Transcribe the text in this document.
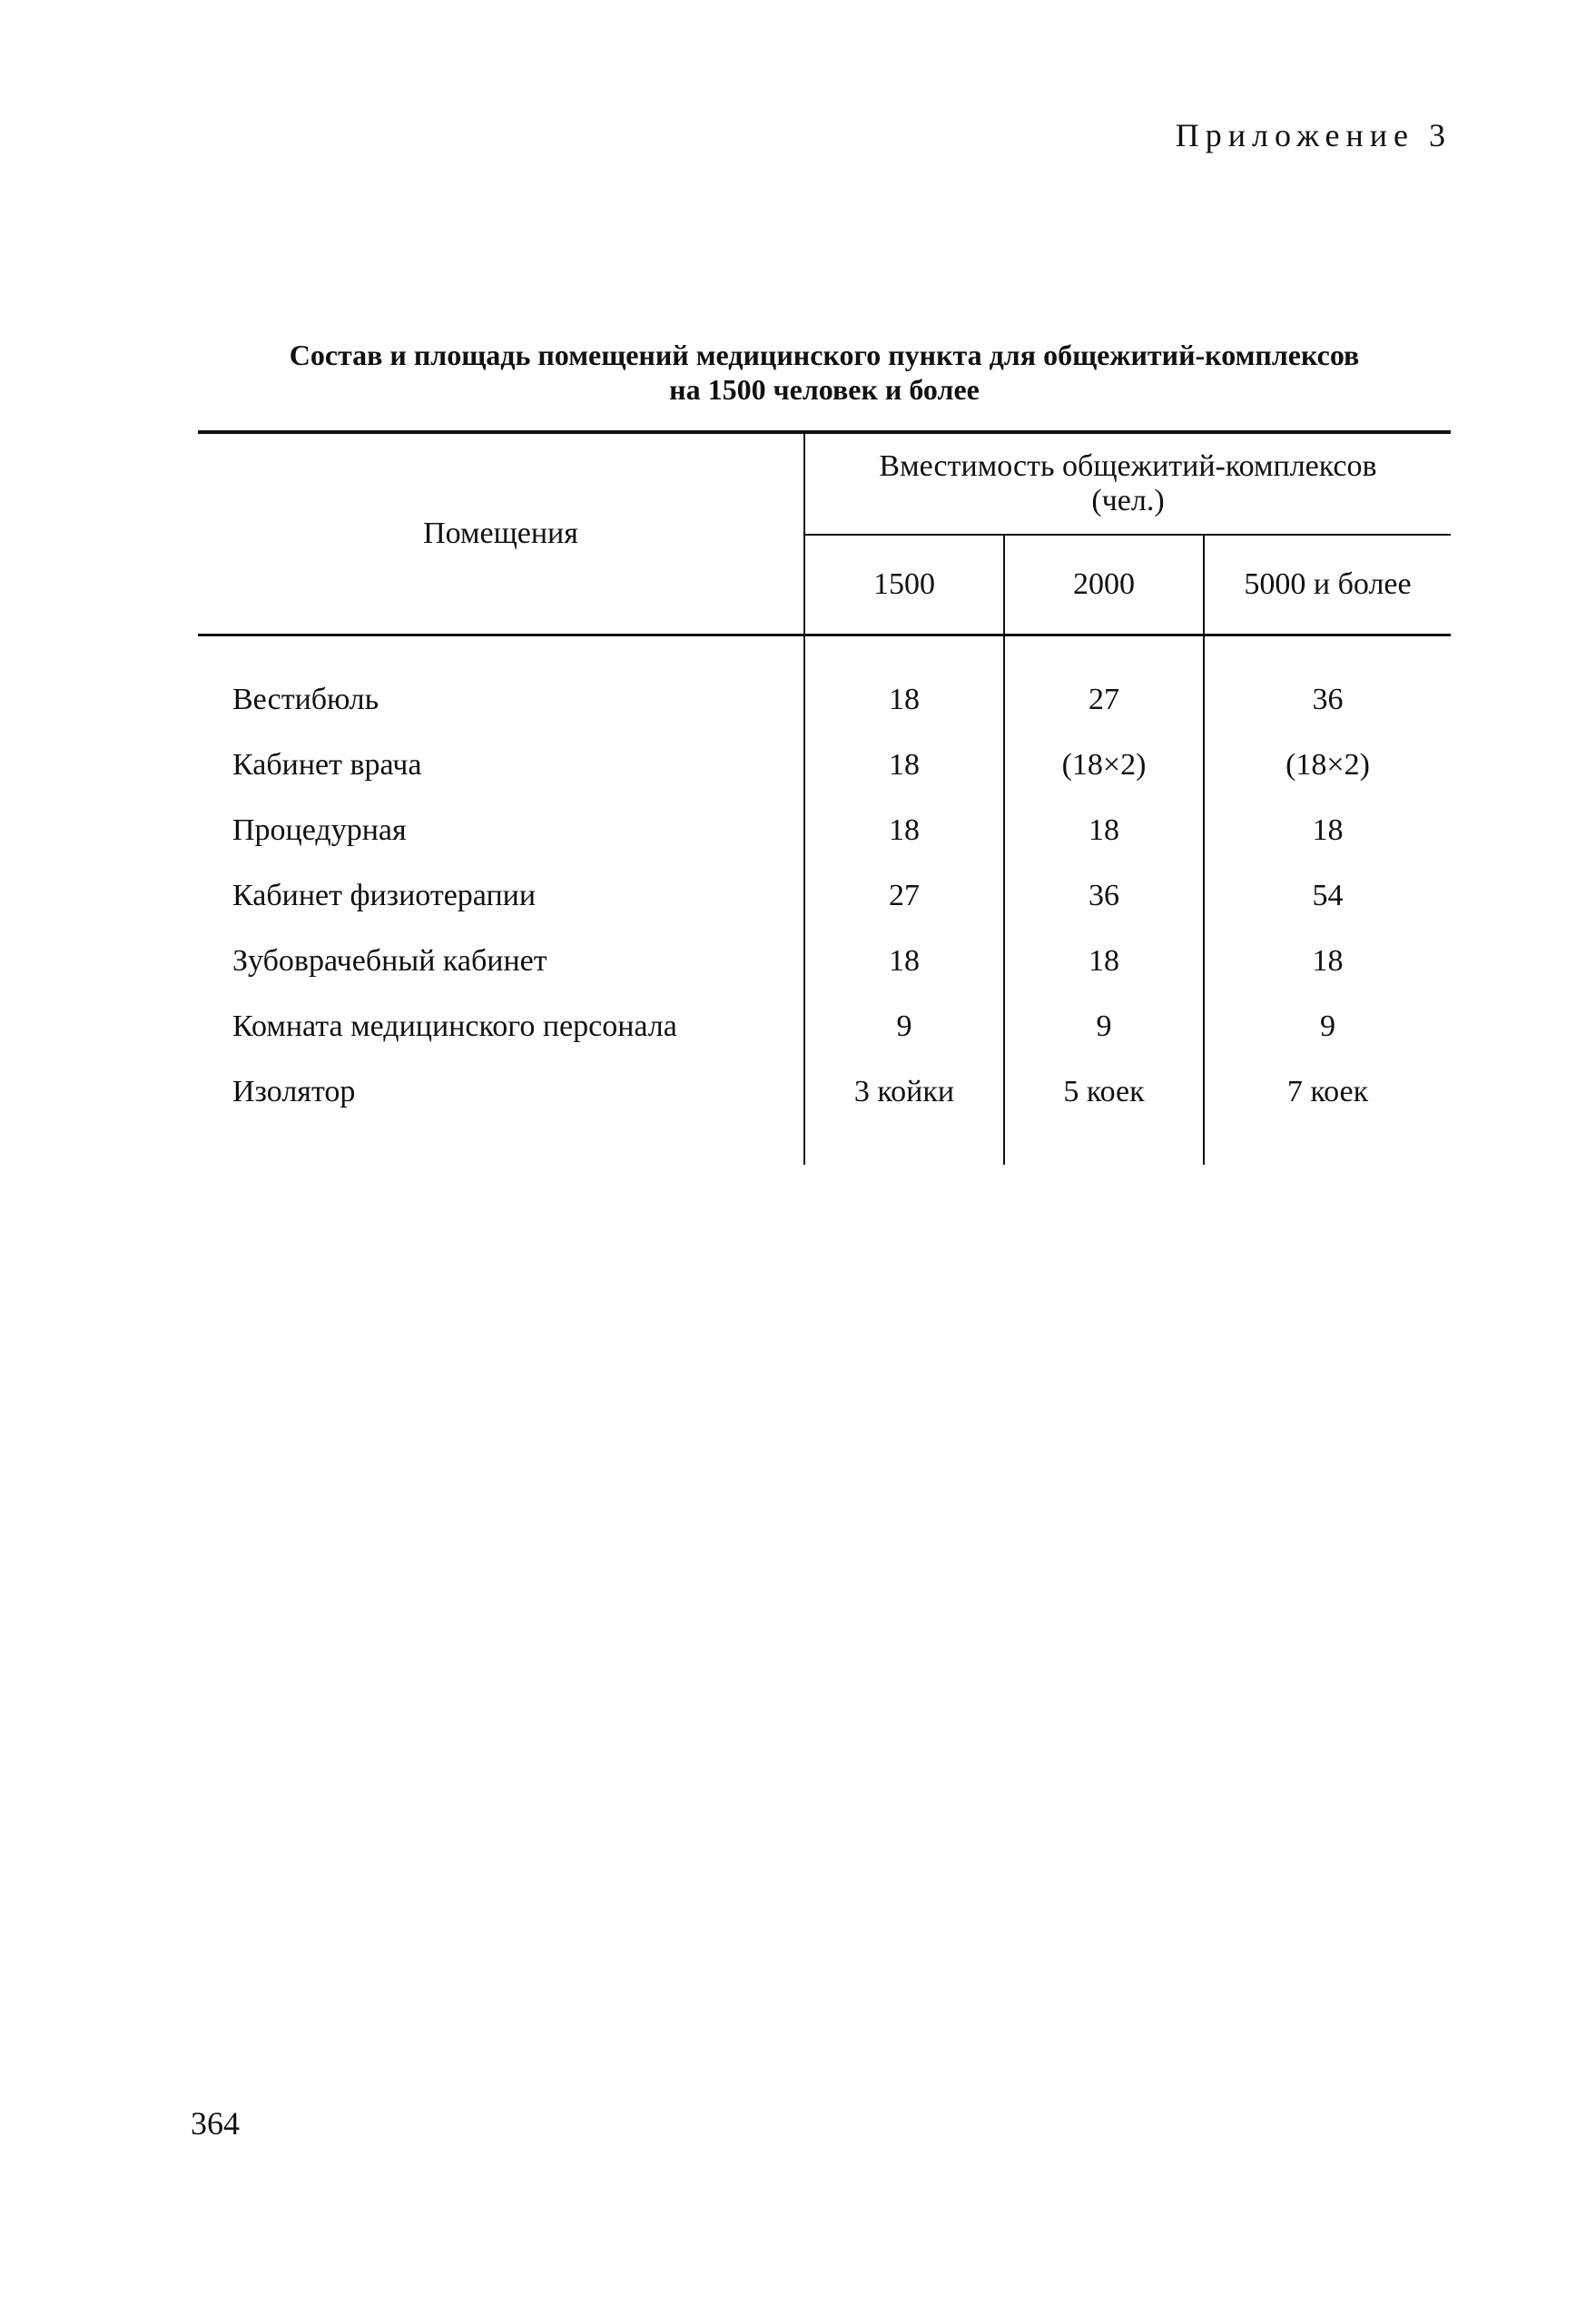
Приложение 3
Состав и площадь помещений медицинского пункта для общежитий-комплексов
на 1500 человек и более
Помещения	Вместимость общежитий-комплексов
(чел.)		

	1500	2000	5000 и более
Вестибюль	18	27	36
Кабинет врача	18	(18×2)	(18×2)
Процедурная	18	18	18
Кабинет физиотерапии	27	36	54
Зубоврачебный кабинет	18	18	18
Комната медицинского персонала	9	9	9
Изолятор	3 койки	5 коек	7 коек
364
